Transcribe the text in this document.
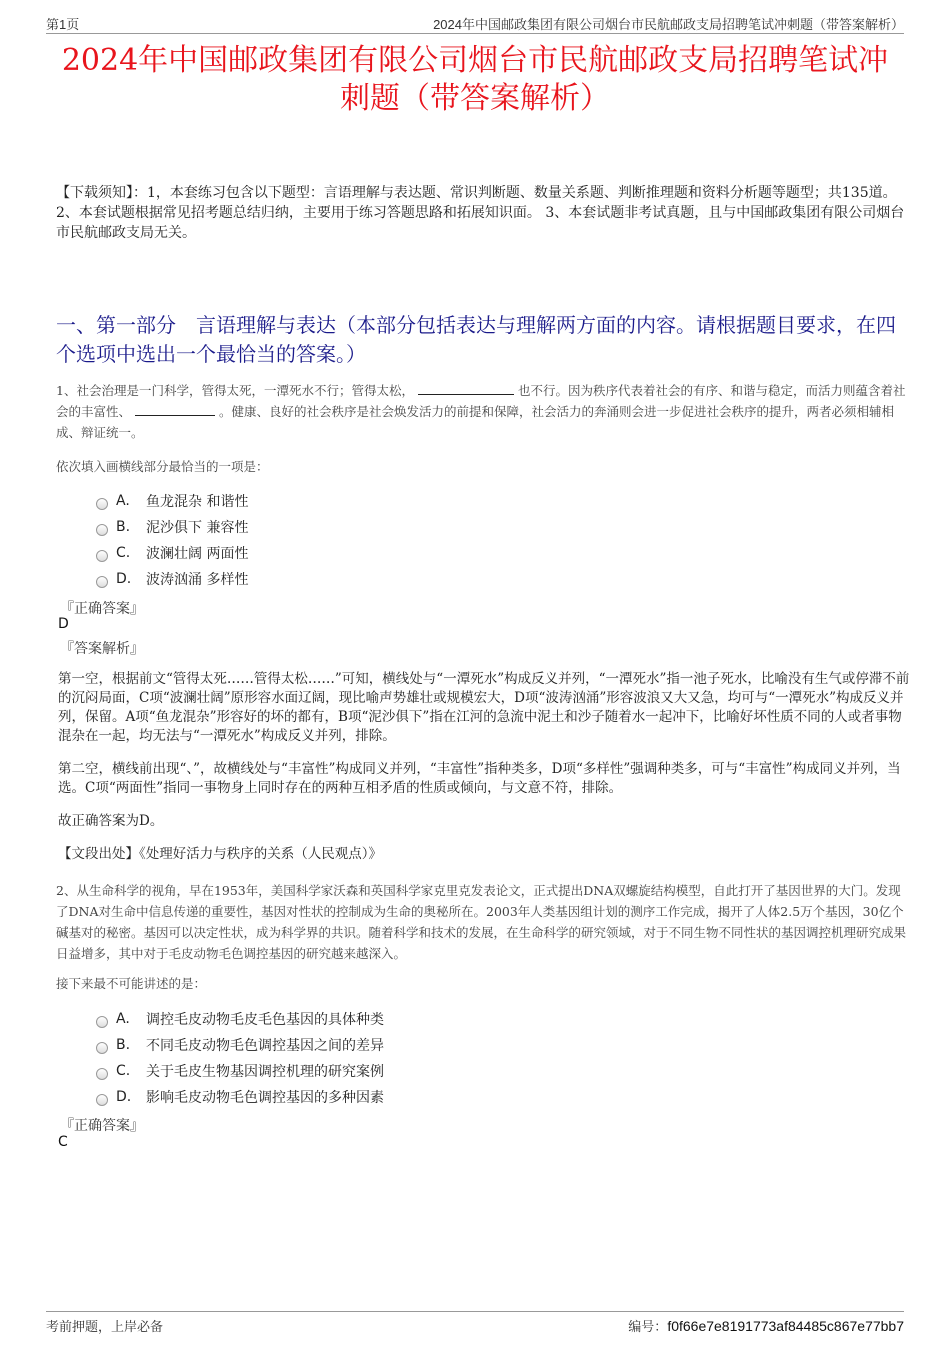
第1页	2024年中国邮政集团有限公司烟台市民航邮政支局招聘笔试冲刺题（带答案解析）
2024年中国邮政集团有限公司烟台市民航邮政支局招聘笔试冲
刺题（带答案解析）
【下载须知】：1，本套练习包含以下题型：言语理解与表达题、常识判断题、数量关系题、判断推理题和资料分析题等题型；共135道。 2、本套试题根据常见招考题总结归纳，主要用于练习答题思路和拓展知识面。 3、本套试题非考试真题，且与中国邮政集团有限公司烟台市民航邮政支局无关。
一、第一部分　言语理解与表达（本部分包括表达与理解两方面的内容。请根据题目要求，在四个选项中选出一个最恰当的答案。）
1、社会治理是一门科学，管得太死，一潭死水不行；管得太松，	也不行。因为秩序代表着社会的有序、和谐与稳定，而活力则蕴含着社会的丰富性、	。健康、良好的社会秩序是社会焕发活力的前提和保障，社会活力的奔涌则会进一步促进社会秩序的提升，两者必须相辅相成、辩证统一。
依次填入画横线部分最恰当的一项是：
A.	鱼龙混杂 和谐性
B.	泥沙俱下 兼容性
C.	波澜壮阔 两面性
D.	波涛汹涌 多样性
『正确答案』
D
『答案解析』
第一空，根据前文“管得太死……管得太松……”可知，横线处与“一潭死水”构成反义并列，“一潭死水”指一池子死水，比喻没有生气或停滞不前的沉闷局面，C项“波澜壮阔”原形容水面辽阔，现比喻声势雄壮或规模宏大，D项“波涛汹涌”形容波浪又大又急，均可与“一潭死水”构成反义并列，保留。A项“鱼龙混杂”形容好的坏的都有，B项“泥沙俱下”指在江河的急流中泥土和沙子随着水一起冲下，比喻好坏性质不同的人或者事物混杂在一起，均无法与“一潭死水”构成反义并列，排除。
第二空，横线前出现“、”，故横线处与“丰富性”构成同义并列，“丰富性”指种类多，D项“多样性”强调种类多，可与“丰富性”构成同义并列，当选。C项“两面性”指同一事物身上同时存在的两种互相矛盾的性质或倾向，与文意不符，排除。
故正确答案为D。
【文段出处】《处理好活力与秩序的关系（人民观点）》
2、从生命科学的视角，早在1953年，美国科学家沃森和英国科学家克里克发表论文，正式提出DNA双螺旋结构模型，自此打开了基因世界的大门。发现了DNA对生命中信息传递的重要性，基因对性状的控制成为生命的奥秘所在。2003年人类基因组计划的测序工作完成，揭开了人体2.5万个基因，30亿个碱基对的秘密。基因可以决定性状，成为科学界的共识。随着科学和技术的发展，在生命科学的研究领域，对于不同生物不同性状的基因调控机理研究成果日益增多，其中对于毛皮动物毛色调控基因的研究越来越深入。
接下来最不可能讲述的是：
A.	调控毛皮动物毛皮毛色基因的具体种类
B.	不同毛皮动物毛色调控基因之间的差异
C.	关于毛皮生物基因调控机理的研究案例
D.	影响毛皮动物毛色调控基因的多种因素
『正确答案』
C
考前押题，上岸必备	编号：f0f66e7e8191773af84485c867e77bb7
